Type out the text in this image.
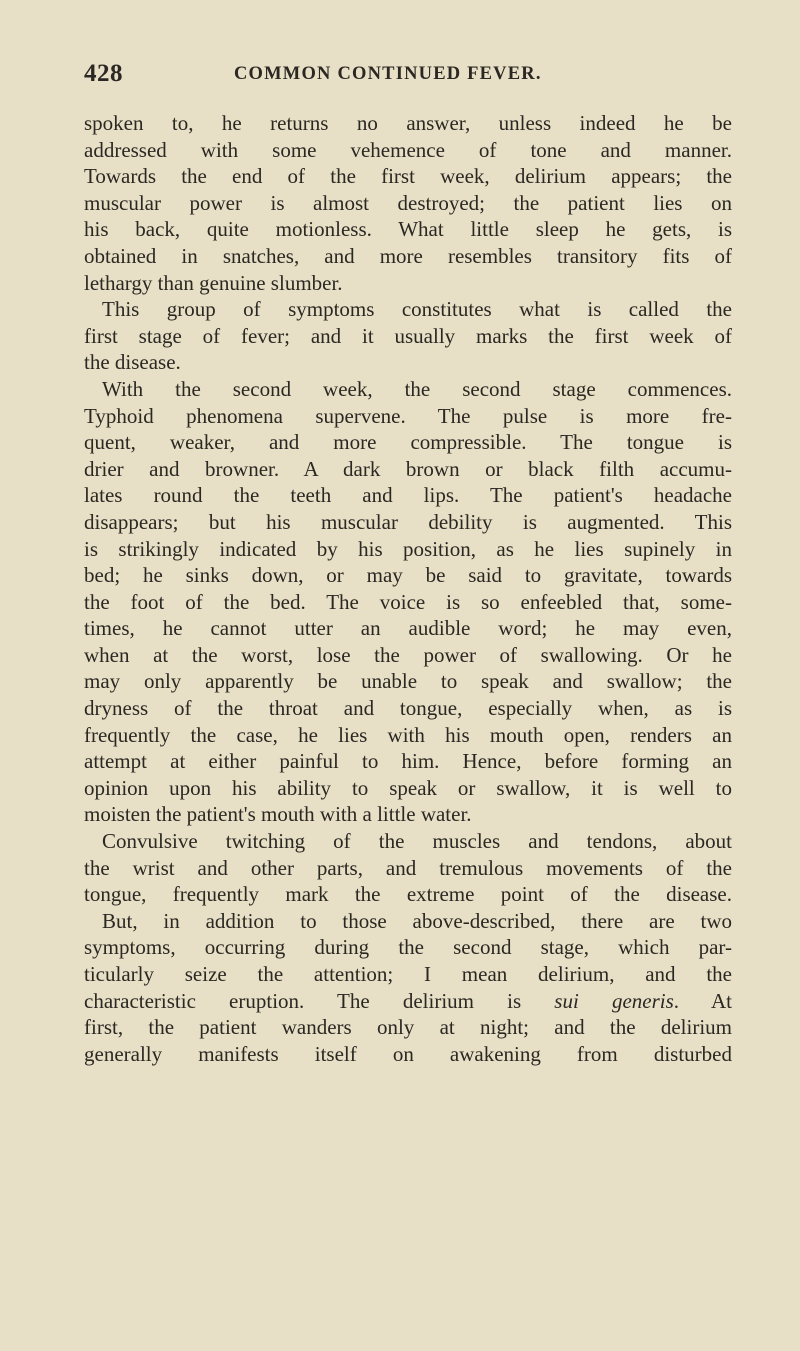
428	COMMON CONTINUED FEVER.
spoken to, he returns no answer, unless indeed he be
addressed with some vehemence of tone and manner.
Towards the end of the first week, delirium appears; the
muscular power is almost destroyed; the patient lies on
his back, quite motionless. What little sleep he gets, is
obtained in snatches, and more resembles transitory fits of
lethargy than genuine slumber.
This group of symptoms constitutes what is called the
first stage of fever; and it usually marks the first week of
the disease.
With the second week, the second stage commences.
Typhoid phenomena supervene. The pulse is more fre-
quent, weaker, and more compressible. The tongue is
drier and browner. A dark brown or black filth accumu-
lates round the teeth and lips. The patient's headache
disappears; but his muscular debility is augmented. This
is strikingly indicated by his position, as he lies supinely in
bed; he sinks down, or may be said to gravitate, towards
the foot of the bed. The voice is so enfeebled that, some-
times, he cannot utter an audible word; he may even,
when at the worst, lose the power of swallowing. Or he
may only apparently be unable to speak and swallow; the
dryness of the throat and tongue, especially when, as is
frequently the case, he lies with his mouth open, renders an
attempt at either painful to him. Hence, before forming an
opinion upon his ability to speak or swallow, it is well to
moisten the patient's mouth with a little water.
Convulsive twitching of the muscles and tendons, about
the wrist and other parts, and tremulous movements of the
tongue, frequently mark the extreme point of the disease.
But, in addition to those above-described, there are two
symptoms, occurring during the second stage, which par-
ticularly seize the attention; I mean delirium, and the
characteristic eruption. The delirium is sui generis. At
first, the patient wanders only at night; and the delirium
generally manifests itself on awakening from disturbed
